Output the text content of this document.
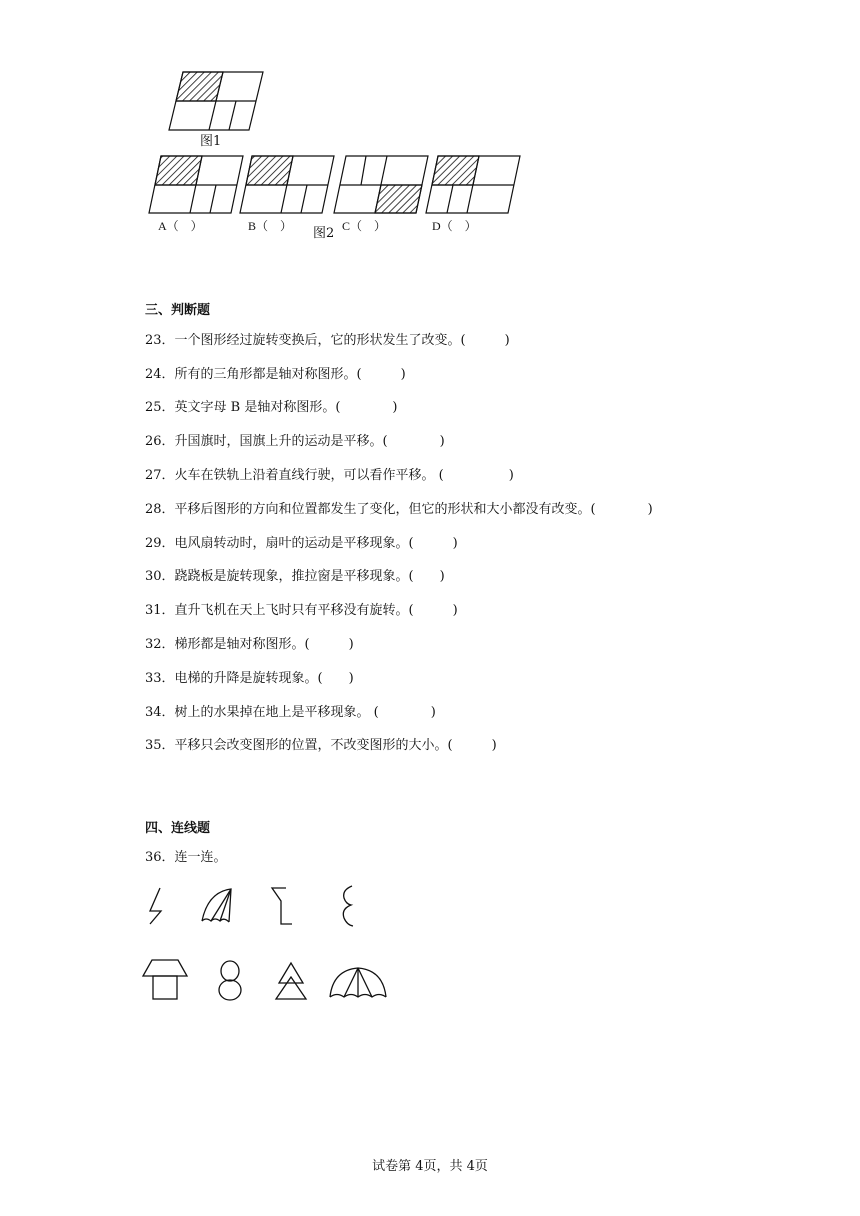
图1
A（　）	B（　） 图2 C（　）	D（　）
三、判断题
23．一个图形经过旋转变换后，它的形状发生了改变。(　　　)
24．所有的三角形都是轴对称图形。(　　　)
25．英文字母 B 是轴对称图形。(　　　　)
26．升国旗时，国旗上升的运动是平移。(　　　　)
27．火车在铁轨上沿着直线行驶，可以看作平移。 (　　　　　)
28．平移后图形的方向和位置都发生了变化，但它的形状和大小都没有改变。(　　　　)
29．电风扇转动时，扇叶的运动是平移现象。(　　　)
30．跷跷板是旋转现象，推拉窗是平移现象。(　　)
31．直升飞机在天上飞时只有平移没有旋转。(　　　)
32．梯形都是轴对称图形。(　　　)
33．电梯的升降是旋转现象。(　　)
34．树上的水果掉在地上是平移现象。 (　　　　)
35．平移只会改变图形的位置，不改变图形的大小。(　　　)
四、连线题
36．连一连。
试卷第 4页，共 4页
